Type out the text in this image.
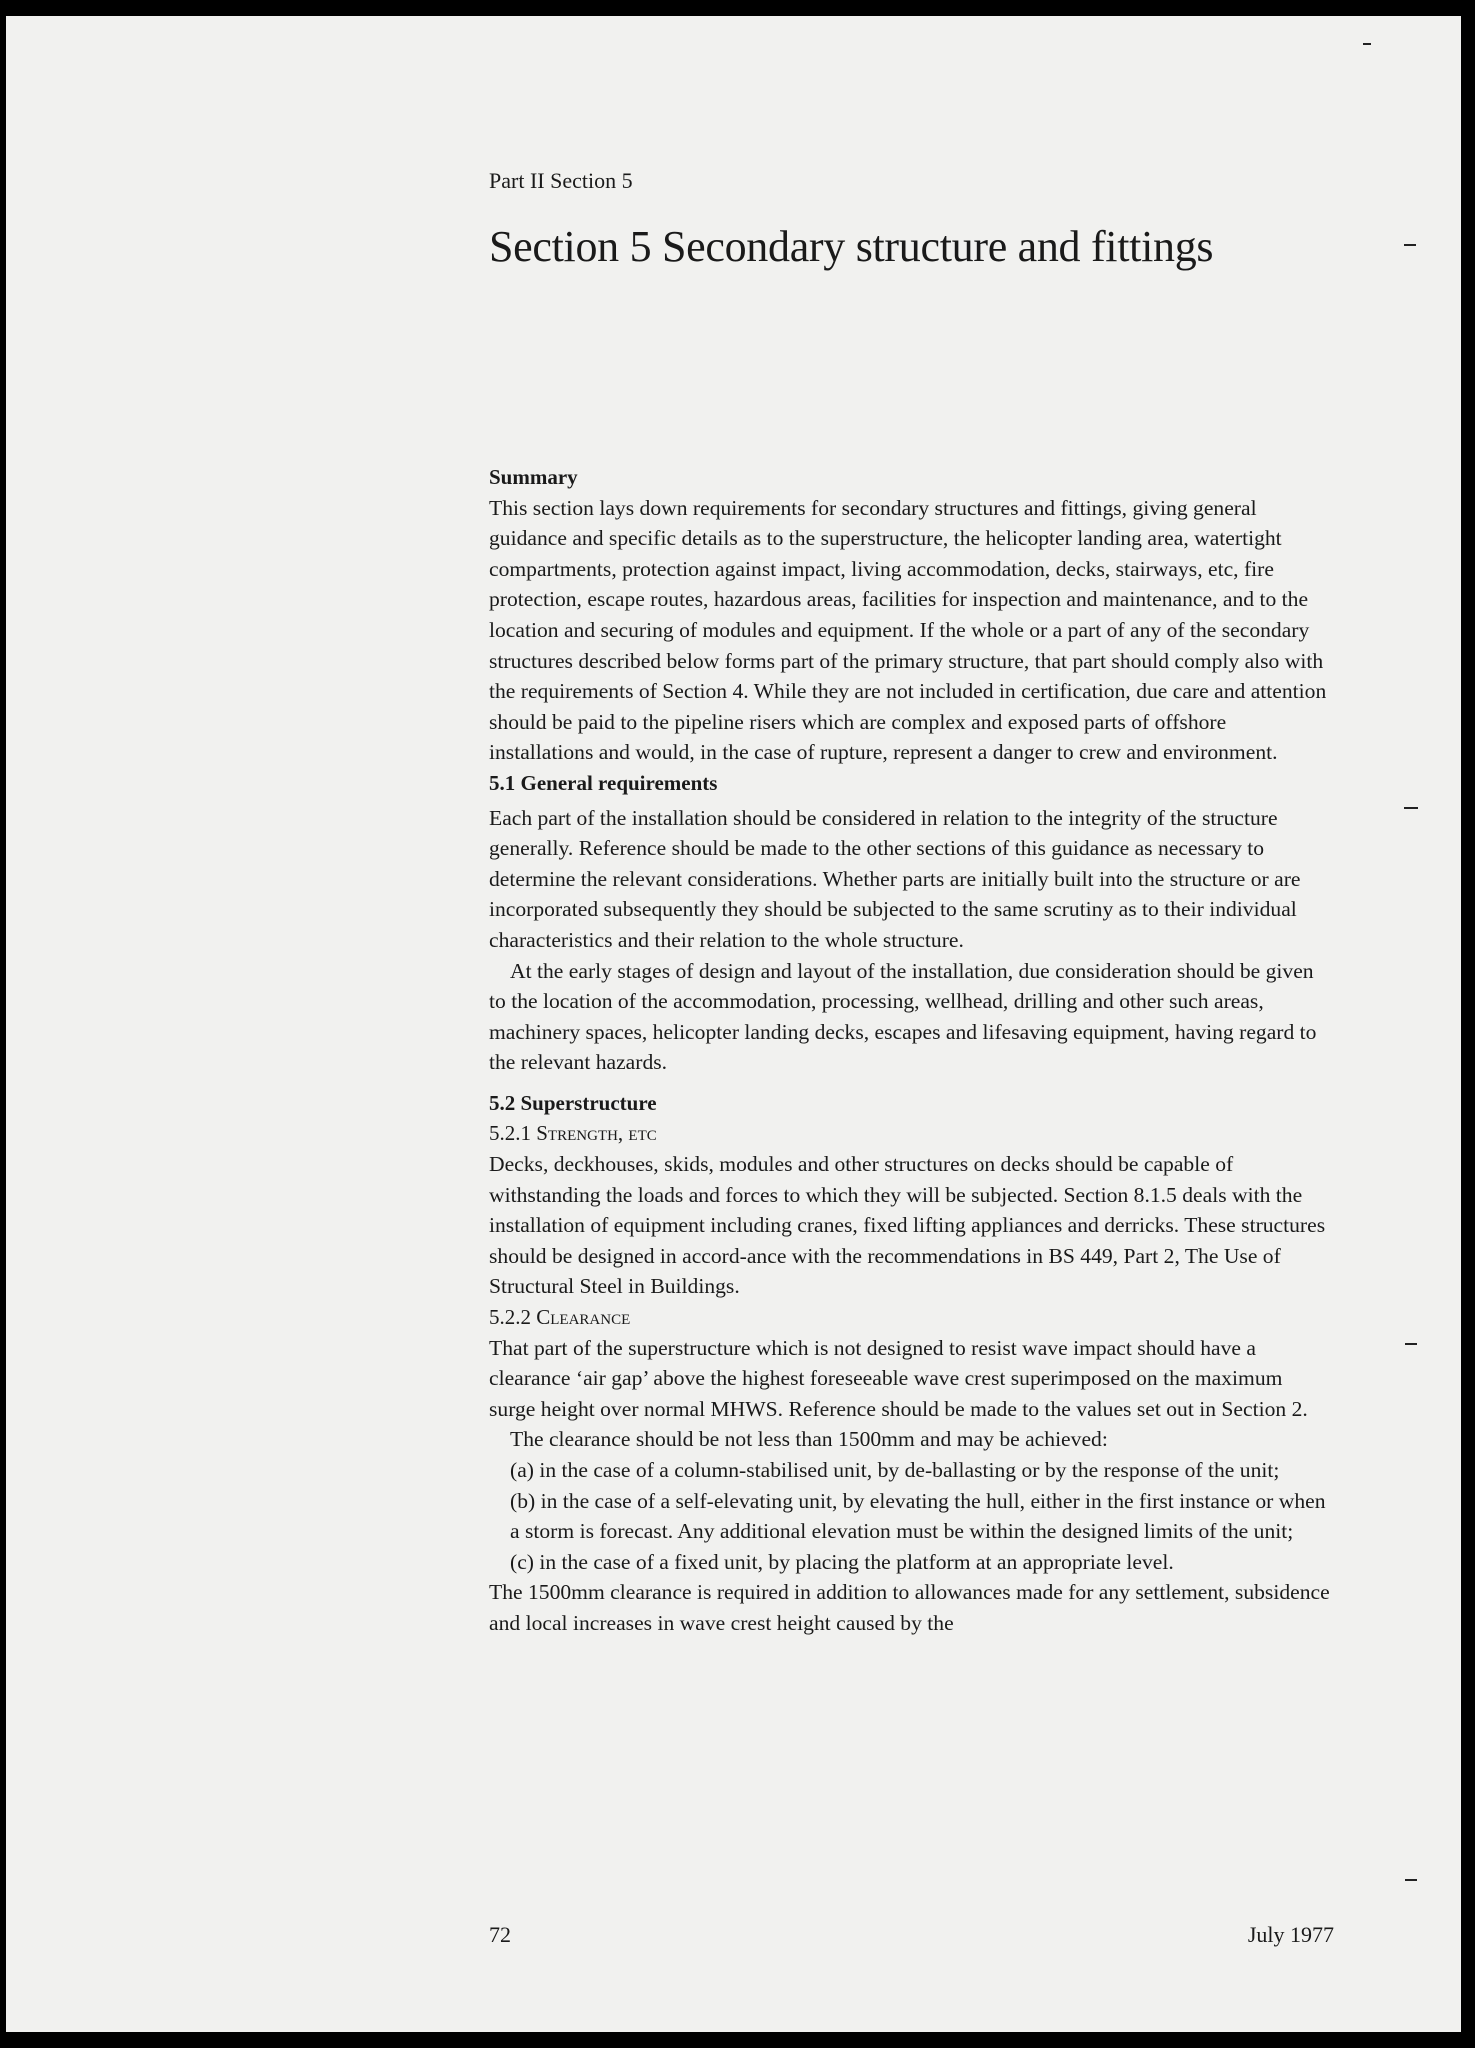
Part II Section 5
Section 5 Secondary structure and fittings
Summary

This section lays down requirements for secondary structures and fittings, giving general guidance and specific details as to the superstructure, the helicopter landing area, watertight compartments, protection against impact, living accommodation, decks, stairways, etc, fire protection, escape routes, hazardous areas, facilities for inspection and maintenance, and to the location and securing of modules and equipment. If the whole or a part of any of the secondary structures described below forms part of the primary structure, that part should comply also with the requirements of Section 4. While they are not included in certification, due care and attention should be paid to the pipeline risers which are complex and exposed parts of offshore installations and would, in the case of rupture, represent a danger to crew and environment.

5.1 General requirements

Each part of the installation should be considered in relation to the integrity of the structure generally. Reference should be made to the other sections of this guidance as necessary to determine the relevant considerations. Whether parts are initially built into the structure or are incorporated subsequently they should be subjected to the same scrutiny as to their individual characteristics and their relation to the whole structure.

At the early stages of design and layout of the installation, due consideration should be given to the location of the accommodation, processing, wellhead, drilling and other such areas, machinery spaces, helicopter landing decks, escapes and lifesaving equipment, having regard to the relevant hazards.

5.2 Superstructure
5.2.1 Strength, etc

Decks, deckhouses, skids, modules and other structures on decks should be capable of withstanding the loads and forces to which they will be subjected. Section 8.1.5 deals with the installation of equipment including cranes, fixed lifting appliances and derricks. These structures should be designed in accord-ance with the recommendations in BS 449, Part 2, The Use of Structural Steel in Buildings.

5.2.2 Clearance

That part of the superstructure which is not designed to resist wave impact should have a clearance ‘air gap’ above the highest foreseeable wave crest superimposed on the maximum surge height over normal MHWS. Reference should be made to the values set out in Section 2.

The clearance should be not less than 1500mm and may be achieved:

(a) in the case of a column-stabilised unit, by de-ballasting or by the response of the unit;

(b) in the case of a self-elevating unit, by elevating the hull, either in the first instance or when a storm is forecast. Any additional elevation must be within the designed limits of the unit;

(c) in the case of a fixed unit, by placing the platform at an appropriate level.

The 1500mm clearance is required in addition to allowances made for any settlement, subsidence and local increases in wave crest height caused by the

72	July 1977
